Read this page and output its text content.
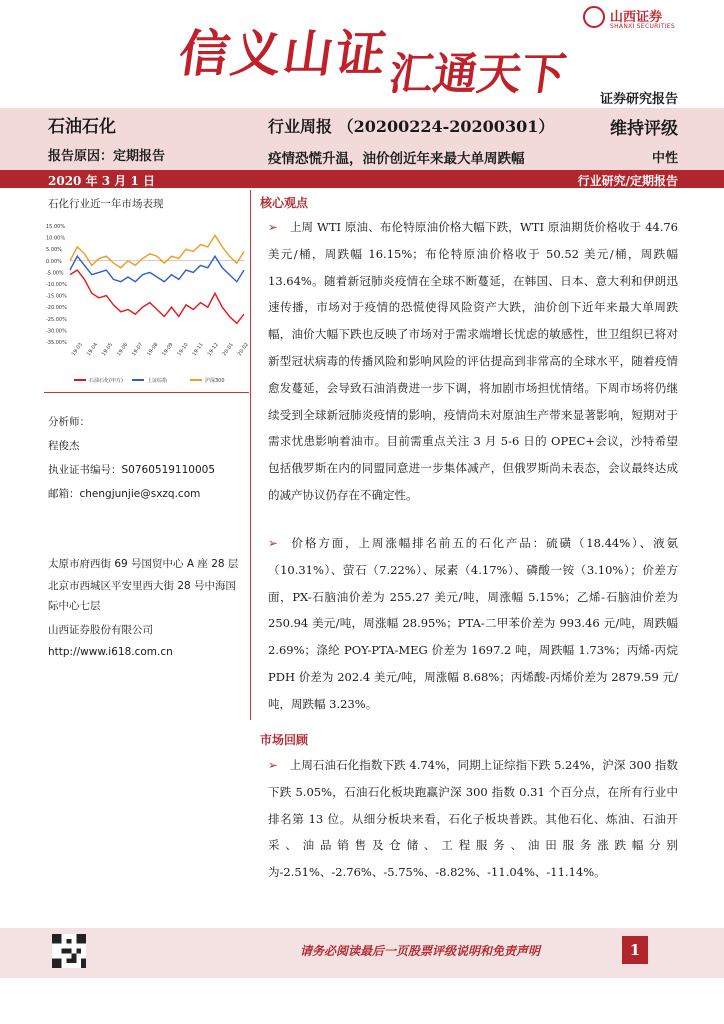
信义山证
汇通天下
山西证券
SHANXI SECURITIES
证券研究报告
石油石化
报告原因：定期报告
行业周报 （20200224-20200301）
疫情恐慌升温，油价创近年来最大单周跌幅
维持评级
中性
2020 年 3 月 1 日	行业研究/定期报告
石化行业近一年市场表现
15.00%
10.00%
5.00%
0.00%
-5.00%
-10.00%
-15.00%
-20.00%
-25.00%
-30.00%
-35.00% 19-03 19-04 19-05 19-06 19-07 19-08 19-09 19-10 19-11 19-12 20-01 20-02
石油石化(申万)	上证综指	沪深300
分析师：
程俊杰
执业证书编号：S0760519110005
邮箱：chengjunjie@sxzq.com
太原市府西街 69 号国贸中心 A 座 28 层
北京市西城区平安里西大街 28 号中海国际中心七层
山西证券股份有限公司
http://www.i618.com.cn
核心观点
➢ 上周 WTI 原油、布伦特原油价格大幅下跌，WTI 原油期货价格收于 44.76 美元/桶，周跌幅 16.15%；布伦特原油价格收于 50.52 美元/桶，周跌幅 13.64%。随着新冠肺炎疫情在全球不断蔓延，在韩国、日本、意大利和伊朗迅速传播，市场对于疫情的恐慌使得风险资产大跌，油价创下近年来最大单周跌幅，油价大幅下跌也反映了市场对于需求端增长忧虑的敏感性，世卫组织已将对新型冠状病毒的传播风险和影响风险的评估提高到非常高的全球水平，随着疫情愈发蔓延，会导致石油消费进一步下调，将加剧市场担忧情绪。下周市场将仍继续受到全球新冠肺炎疫情的影响，疫情尚未对原油生产带来显著影响，短期对于需求忧患影响着油市。目前需重点关注 3 月 5-6 日的 OPEC+会议，沙特希望包括俄罗斯在内的同盟同意进一步集体减产，但俄罗斯尚未表态，会议最终达成的减产协议仍存在不确定性。
➢ 价格方面，上周涨幅排名前五的石化产品：硫磺（18.44%）、液氨（10.31%）、萤石（7.22%）、尿素（4.17%）、磷酸一铵（3.10%）；价差方面，PX-石脑油价差为 255.27 美元/吨，周涨幅 5.15%；乙烯-石脑油价差为 250.94 美元/吨，周涨幅 28.95%；PTA-二甲苯价差为 993.46 元/吨，周跌幅 2.69%；涤纶 POY-PTA-MEG 价差为 1697.2 吨，周跌幅 1.73%；丙烯-丙烷 PDH 价差为 202.4 美元/吨，周涨幅 8.68%；丙烯酸-丙烯价差为 2879.59 元/吨，周跌幅 3.23%。
市场回顾
➢ 上周石油石化指数下跌 4.74%，同期上证综指下跌 5.24%，沪深 300 指数下跌 5.05%，石油石化板块跑赢沪深 300 指数 0.31 个百分点，在所有行业中排名第 13 位。从细分板块来看，石化子板块普跌。其他石化、炼油、石油开采、油品销售及仓储、工程服务、油田服务涨跌幅分别为-2.51%、-2.76%、-5.75%、-8.82%、-11.04%、-11.14%。
请务必阅读最后一页股票评级说明和免责声明	1
